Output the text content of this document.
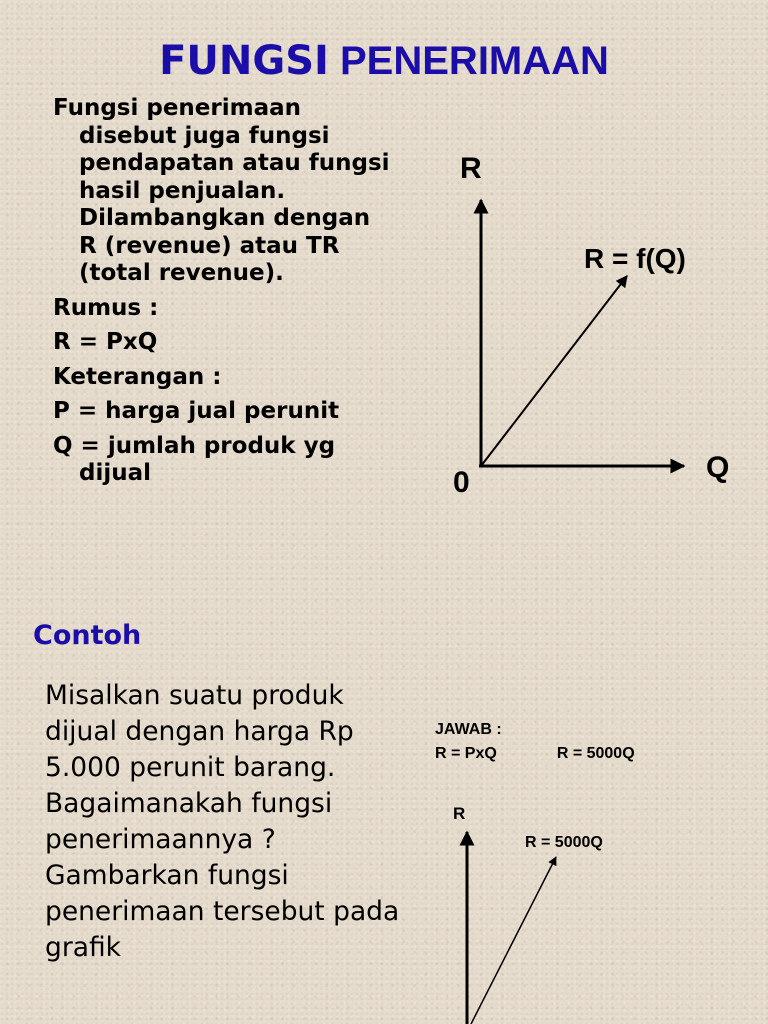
FUNGSI PENERIMAAN
Fungsi penerimaan disebut juga fungsi pendapatan atau fungsi hasil penjualan. Dilambangkan dengan R (revenue) atau TR (total revenue).
Rumus :
R = PxQ
Keterangan :
P = harga jual perunit
Q = jumlah produk yg dijual
R
Q
0
R = f(Q)
R
R = 5000Q
Contoh
Misalkan suatu produk dijual dengan harga Rp 5.000 perunit barang. Bagaimanakah fungsi penerimaannya ? Gambarkan fungsi penerimaan tersebut pada grafik
JAWAB :
R = PxQ	R = 5000Q
